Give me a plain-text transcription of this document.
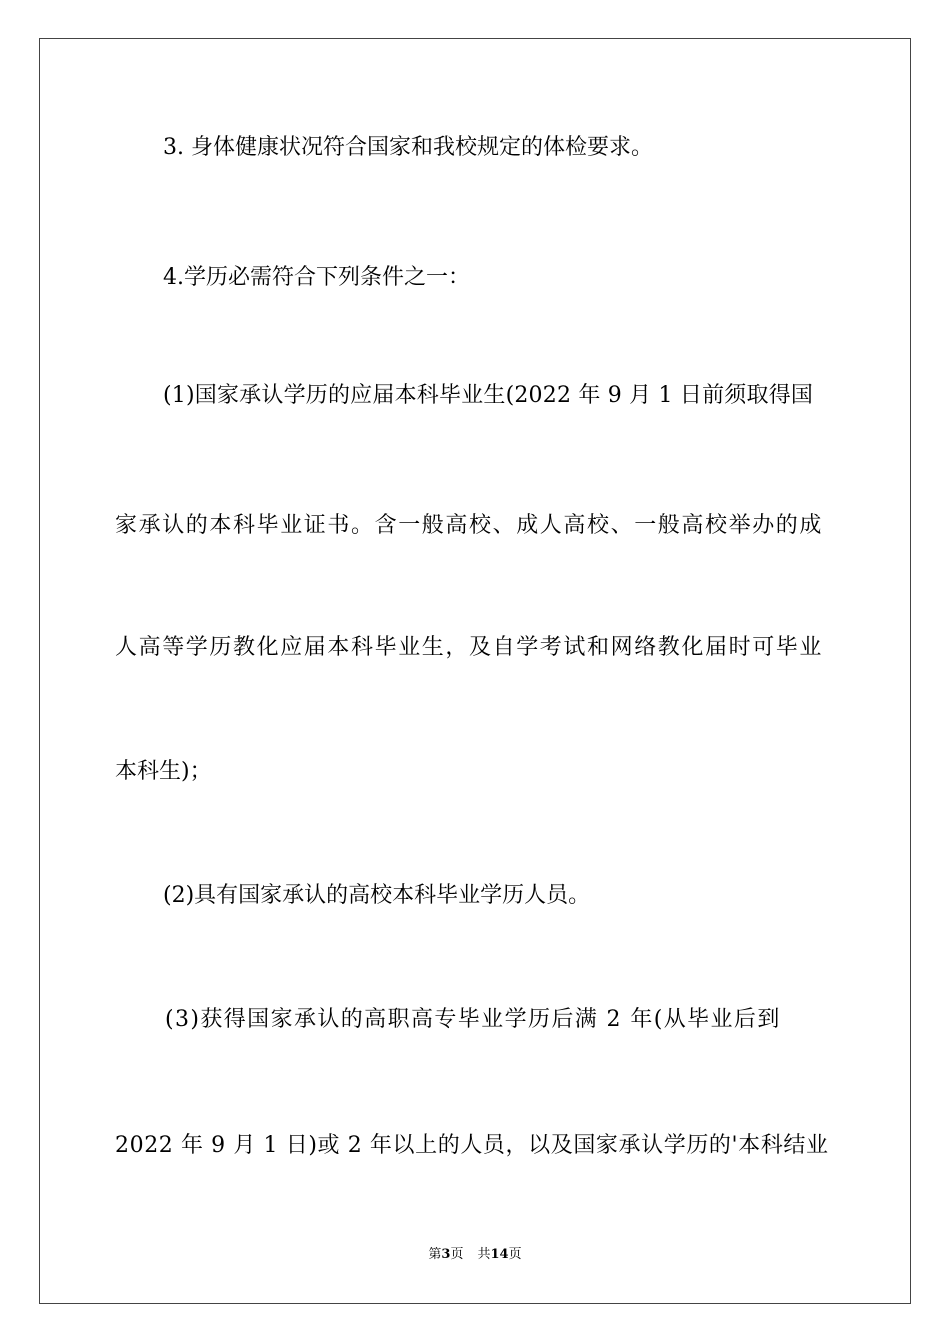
3. 身体健康状况符合国家和我校规定的体检要求。
4.学历必需符合下列条件之一：
(1)国家承认学历的应届本科毕业生(2022 年 9 月 1 日前须取得国
家承认的本科毕业证书。含一般高校、成人高校、一般高校举办的成
人高等学历教化应届本科毕业生，及自学考试和网络教化届时可毕业
本科生)；
(2)具有国家承认的高校本科毕业学历人员。
(3)获得国家承认的高职高专毕业学历后满 2 年(从毕业后到
2022 年 9 月 1 日)或 2 年以上的人员，以及国家承认学历的'本科结业
第3页 共14页
